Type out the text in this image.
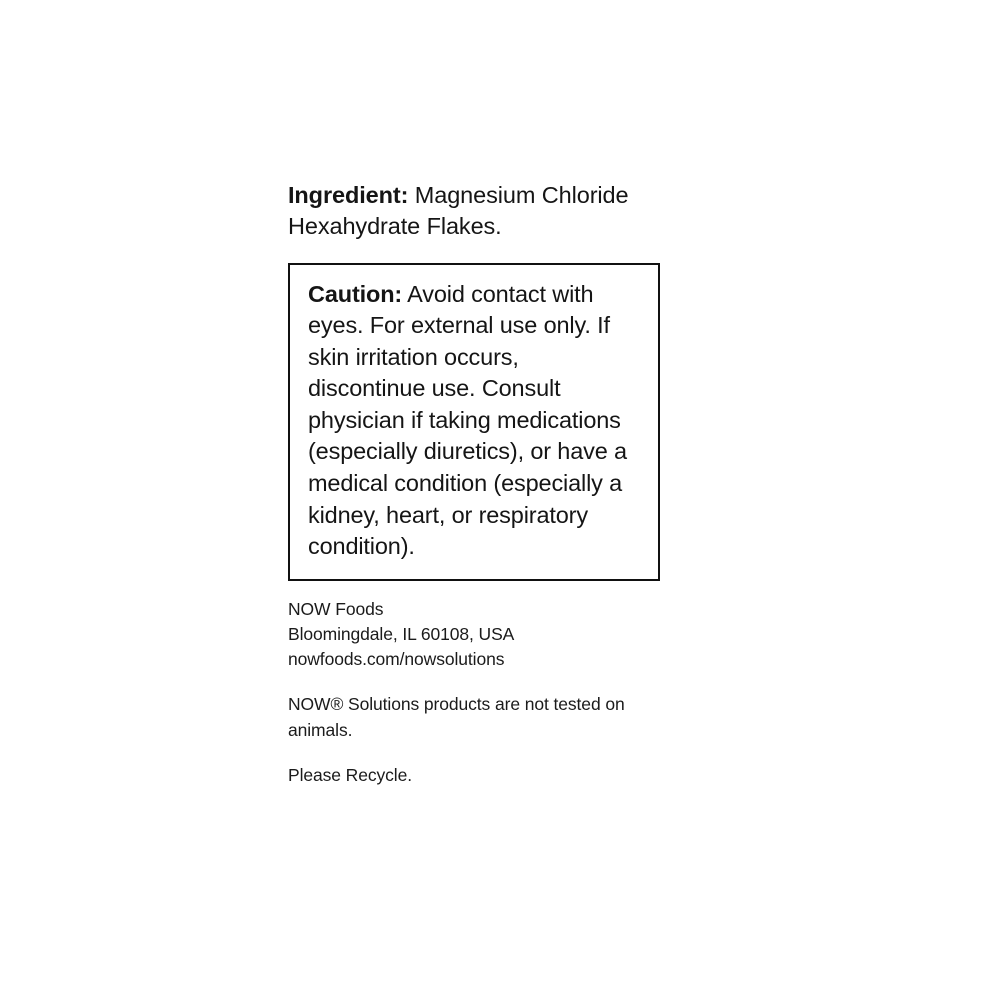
Ingredient: Magnesium Chloride Hexahydrate Flakes.
Caution: Avoid contact with eyes. For external use only. If skin irritation occurs, discontinue use. Consult physician if taking medications (especially diuretics), or have a medical condition (especially a kidney, heart, or respiratory condition).
NOW Foods
Bloomingdale, IL 60108, USA
nowfoods.com/nowsolutions
NOW® Solutions products are not tested on animals.
Please Recycle.
